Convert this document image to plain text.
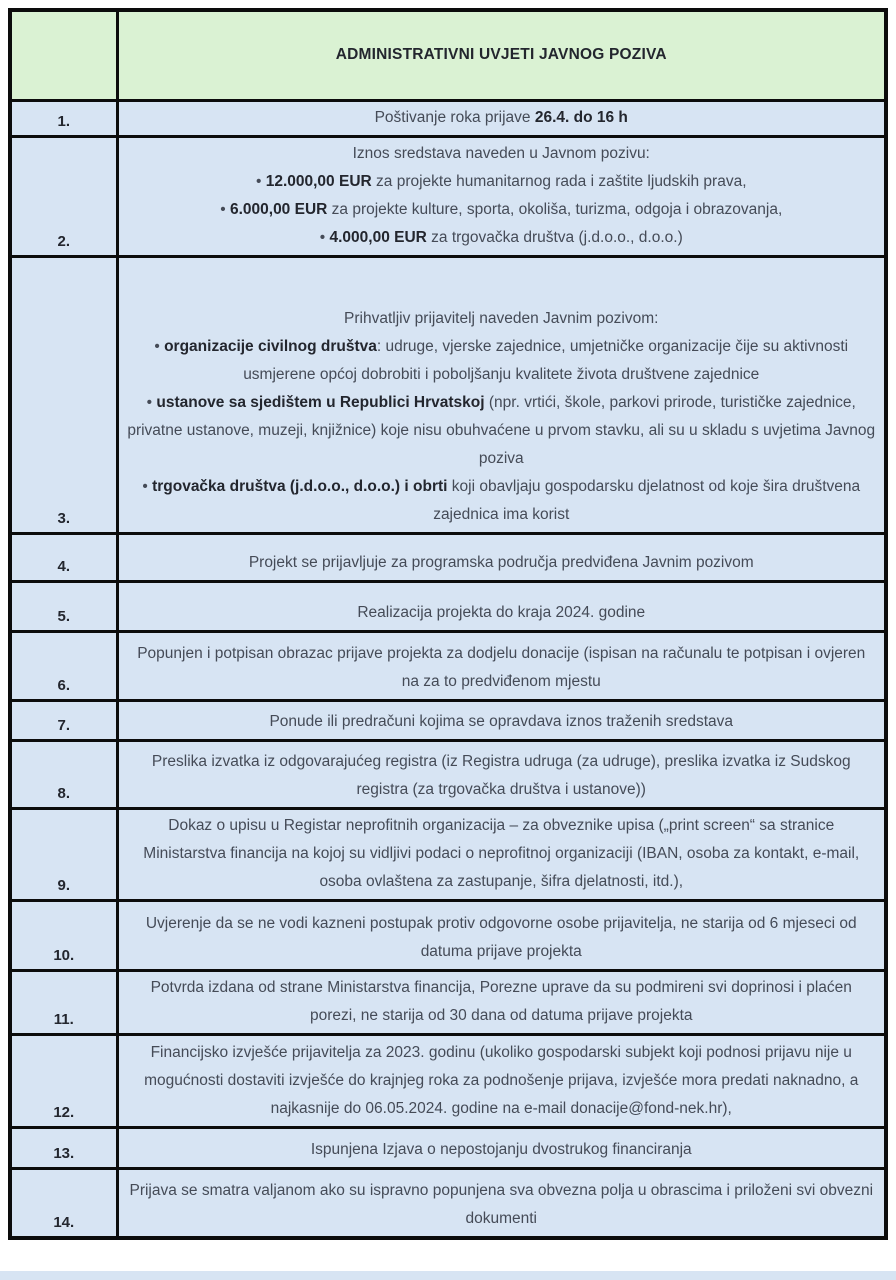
	ADMINISTRATIVNI UVJETI JAVNOG POZIVA
1.	Poštivanje roka prijave 26.4. do 16 h

2.	Iznos sredstava naveden u Javnom pozivu:
• 12.000,00 EUR za projekte humanitarnog rada i zaštite ljudskih prava,
• 6.000,00 EUR za projekte kulture, sporta, okoliša, turizma, odgoja i obrazovanja,
• 4.000,00 EUR za trgovačka društva (j.d.o.o., d.o.o.)

3.	Prihvatljiv prijavitelj naveden Javnim pozivom:
• organizacije civilnog društva: udruge, vjerske zajednice, umjetničke organizacije čije su aktivnosti usmjerene općoj dobrobiti i poboljšanju kvalitete života društvene zajednice
• ustanove sa sjedištem u Republici Hrvatskoj (npr. vrtići, škole, parkovi prirode, turističke zajednice, privatne ustanove, muzeji, knjižnice) koje nisu obuhvaćene u prvom stavku, ali su u skladu s uvjetima Javnog poziva
• trgovačka društva (j.d.o.o., d.o.o.) i obrti koji obavljaju gospodarsku djelatnost od koje šira društvena zajednica ima korist

4.	Projekt se prijavljuje za programska područja predviđena Javnim pozivom

5.	Realizacija projekta do kraja 2024. godine

6.	Popunjen i potpisan obrazac prijave projekta za dodjelu donacije (ispisan na računalu te potpisan i ovjeren na za to predviđenom mjestu

7.	Ponude ili predračuni kojima se opravdava iznos traženih sredstava

8.	Preslika izvatka iz odgovarajućeg registra (iz Registra udruga (za udruge), preslika izvatka iz Sudskog registra (za trgovačka društva i ustanove))

9.	Dokaz o upisu u Registar neprofitnih organizacija – za obveznike upisa („print screen“ sa stranice Ministarstva financija na kojoj su vidljivi podaci o neprofitnoj organizaciji (IBAN, osoba za kontakt, e-mail, osoba ovlaštena za zastupanje, šifra djelatnosti, itd.),

10.	Uvjerenje da se ne vodi kazneni postupak protiv odgovorne osobe prijavitelja, ne starija od 6 mjeseci od datuma prijave projekta

11.	Potvrda izdana od strane Ministarstva financija, Porezne uprave da su podmireni svi doprinosi i plaćen porezi, ne starija od 30 dana od datuma prijave projekta

12.	Financijsko izvješće prijavitelja za 2023. godinu (ukoliko gospodarski subjekt koji podnosi prijavu nije u mogućnosti dostaviti izvješće do krajnjeg roka za podnošenje prijava, izvješće mora predati naknadno, a najkasnije do 06.05.2024. godine na e-mail donacije@fond-nek.hr),

13.	Ispunjena Izjava o nepostojanju dvostrukog financiranja

14.	Prijava se smatra valjanom ako su ispravno popunjena sva obvezna polja u obrascima i priloženi svi obvezni dokumenti
